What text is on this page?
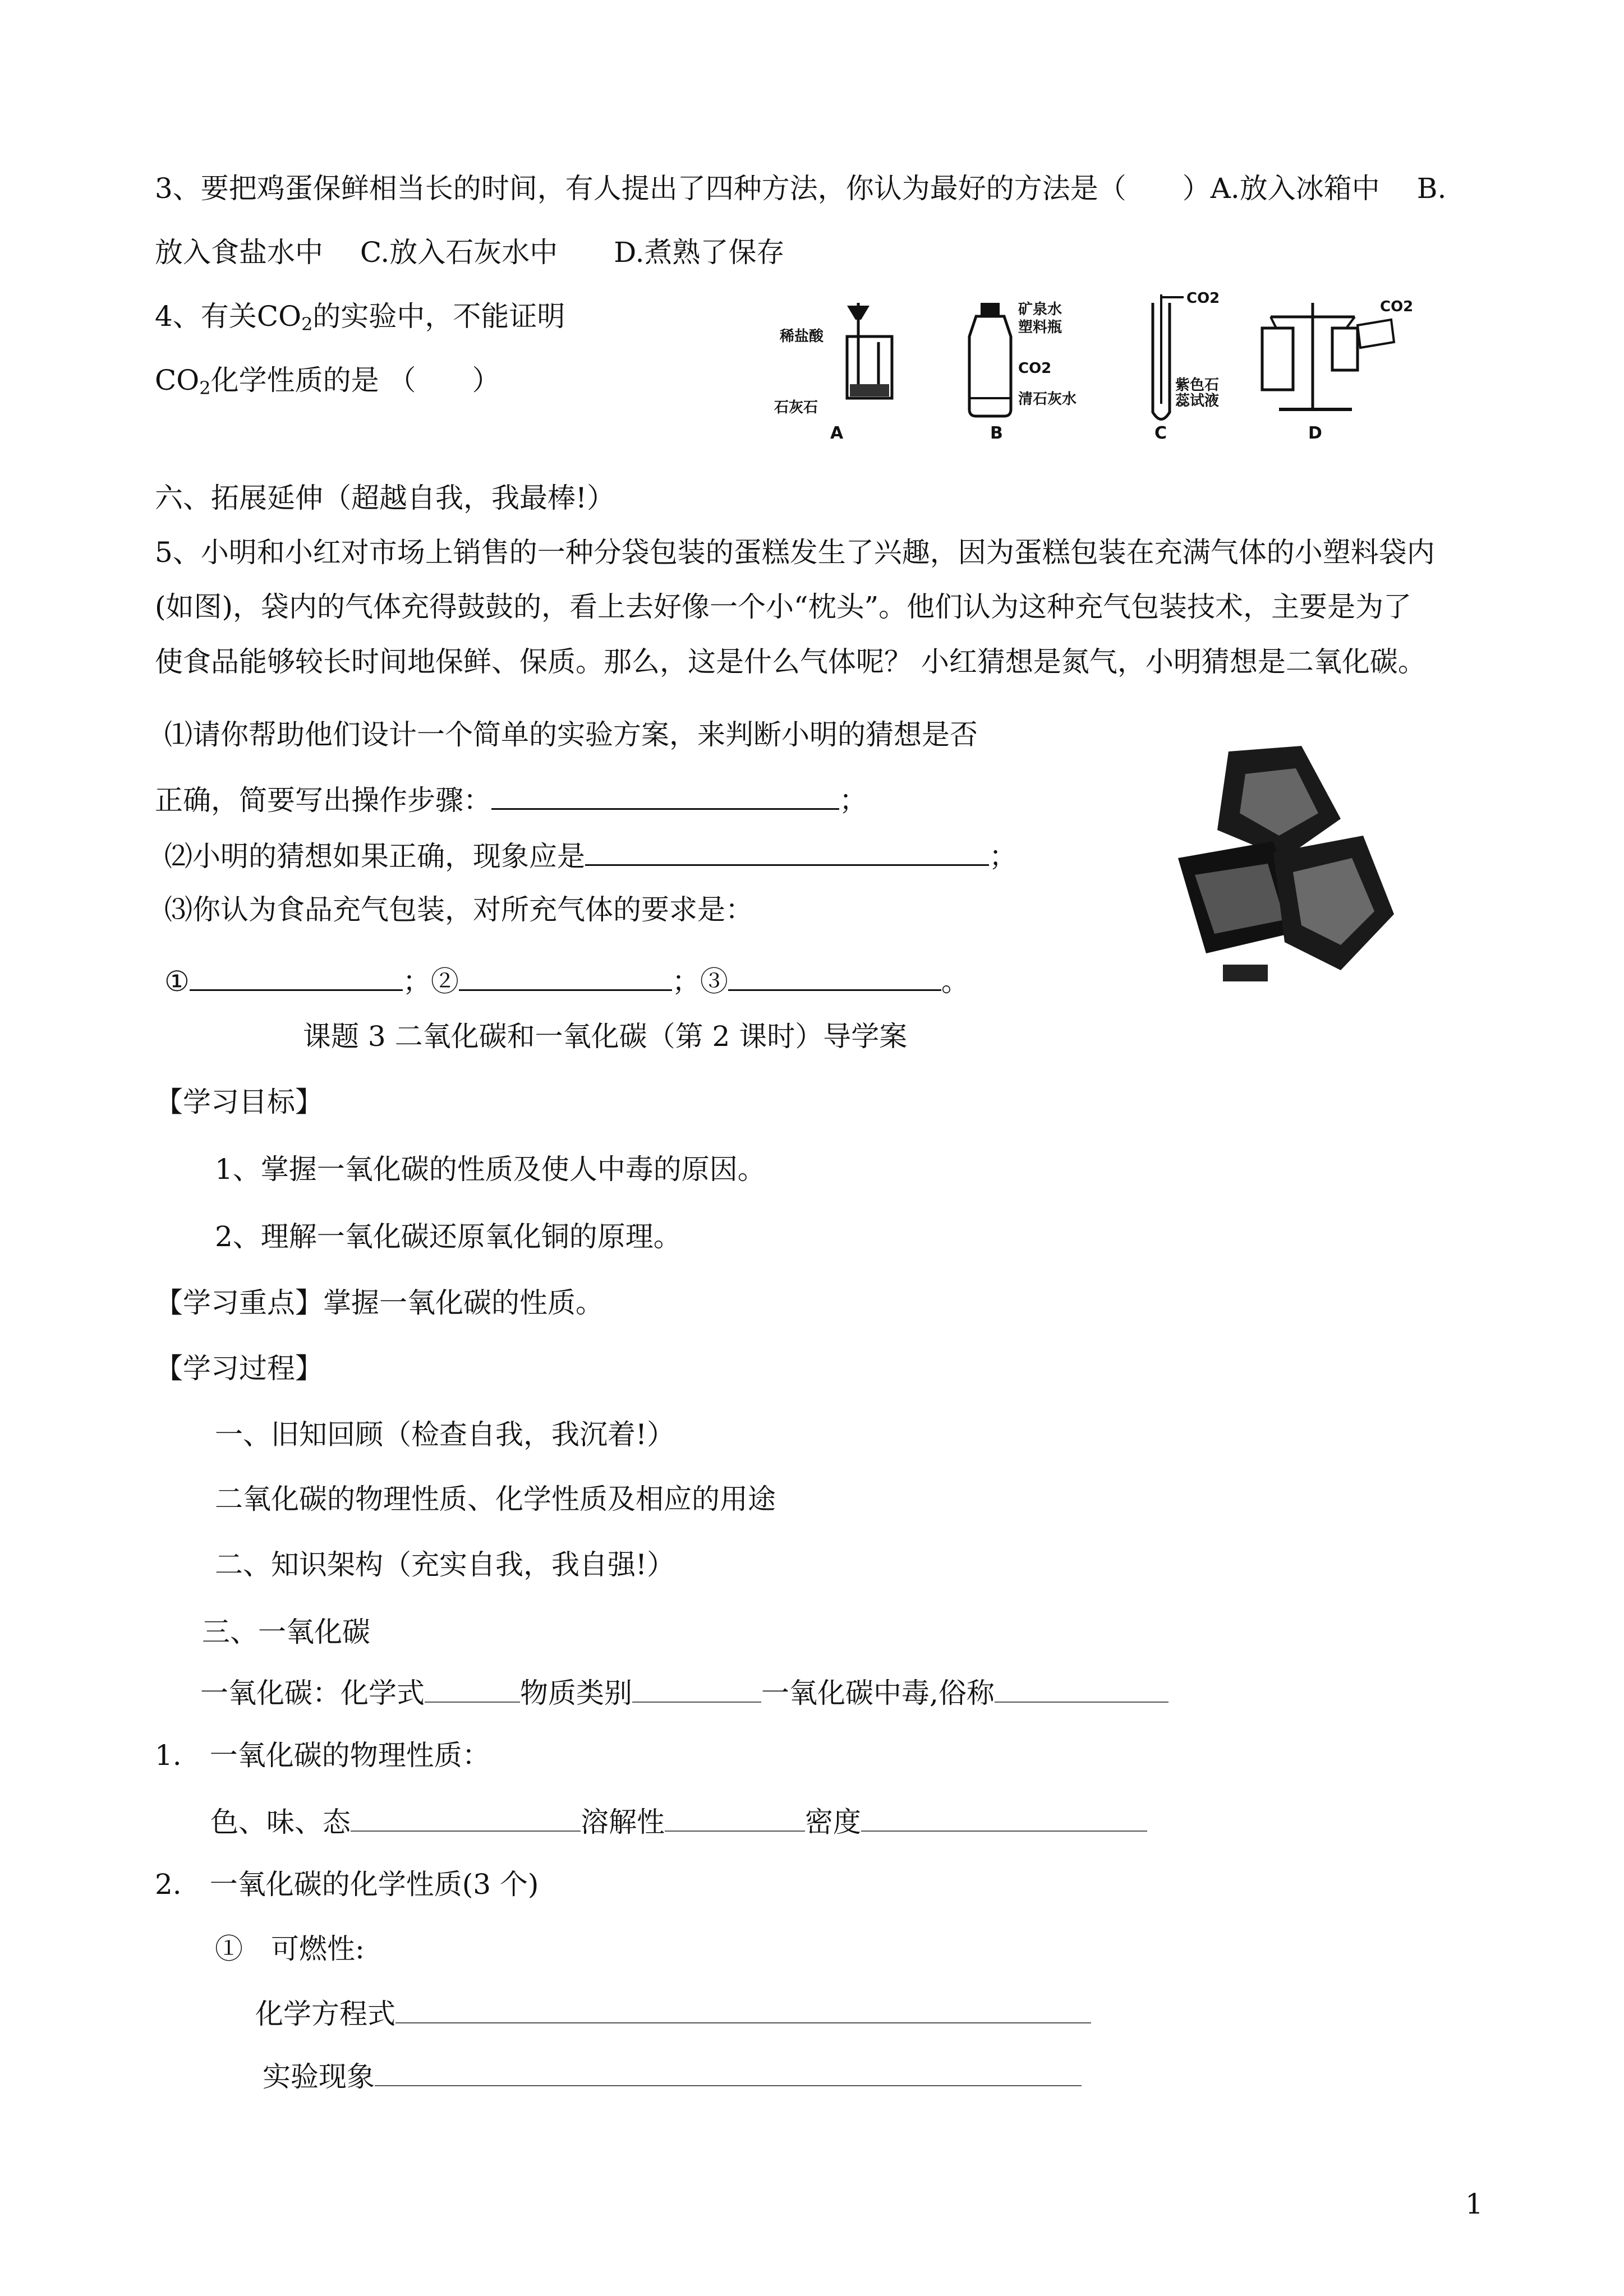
3、要把鸡蛋保鲜相当长的时间，有人提出了四种方法，你认为最好的方法是（　　）A.放入冰箱中　 B.
放入食盐水中　 C.放入石灰水中　　D.煮熟了保存
4、有关$CO_2$的实验中，不能证明
$CO_2$化学性质的是 （　　）
稀盐酸
石灰石
A
矿泉水
塑料瓶
CO2
清石灰水
B
CO2
紫色石
蕊试液
C
CO2
D
六、拓展延伸（超越自我，我最棒!）
5、小明和小红对市场上销售的一种分袋包装的蛋糕发生了兴趣，因为蛋糕包装在充满气体的小塑料袋内
(如图)，袋内的气体充得鼓鼓的，看上去好像一个小“枕头”。他们认为这种充气包装技术，主要是为了
使食品能够较长时间地保鲜、保质。那么，这是什么气体呢？ 小红猜想是氮气，小明猜想是二氧化碳。
⑴请你帮助他们设计一个简单的实验方案，来判断小明的猜想是否
正确，简要写出操作步骤：	；
⑵小明的猜想如果正确，现象应是	；
⑶你认为食品充气包装，对所充气体的要求是：
①	；②	；③	。
课题 3 二氧化碳和一氧化碳（第 2 课时）导学案
【学习目标】
1、掌握一氧化碳的性质及使人中毒的原因。
2、理解一氧化碳还原氧化铜的原理。
【学习重点】掌握一氧化碳的性质。
【学习过程】
一、旧知回顾（检查自我，我沉着!）
二氧化碳的物理性质、化学性质及相应的用途
二、知识架构（充实自我，我自强!）
三、一氧化碳
一氧化碳：化学式	物质类别	一氧化碳中毒,俗称
1.　一氧化碳的物理性质：
色、味、态	溶解性	密度
2.　一氧化碳的化学性质(3 个)
①　可燃性:
化学方程式
实验现象
1
